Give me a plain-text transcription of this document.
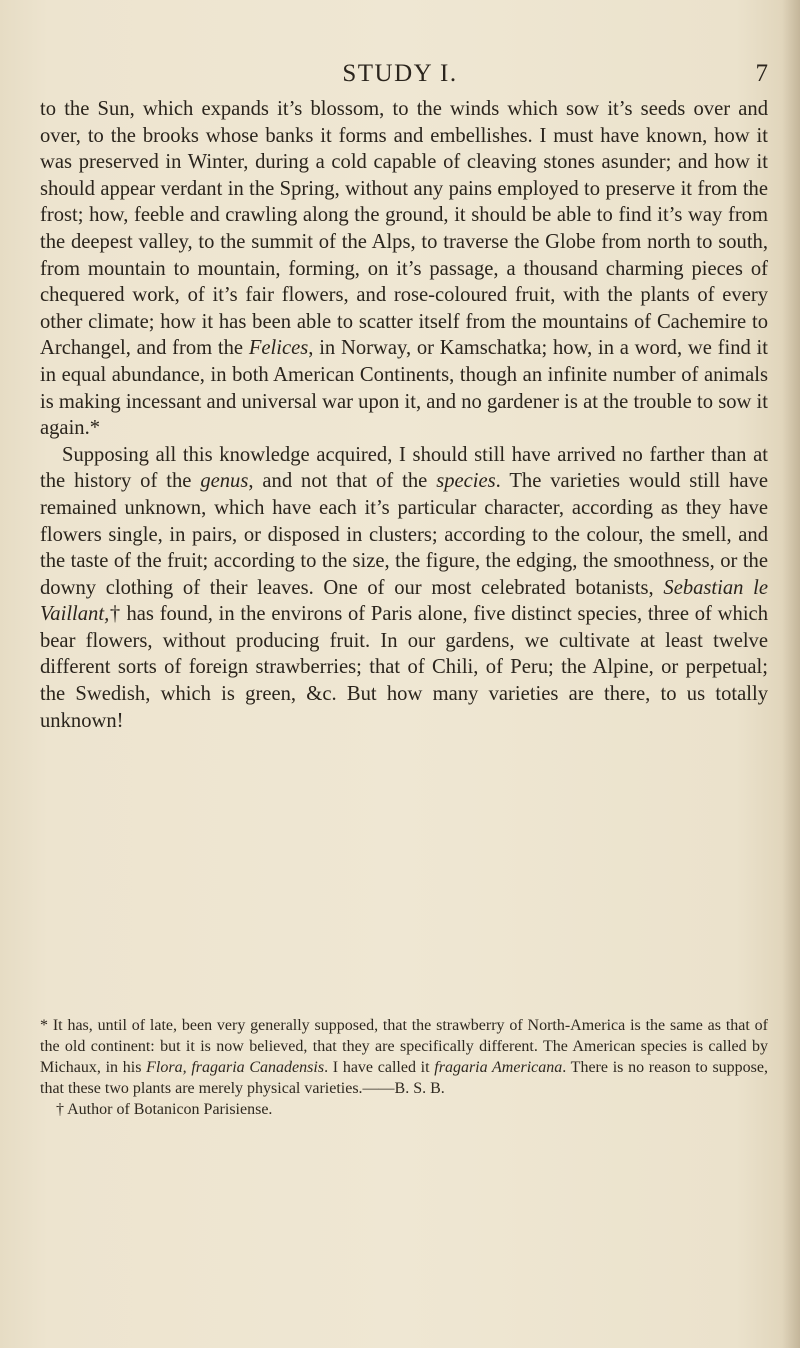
STUDY I.	7

to the Sun, which expands it’s blossom, to the winds which sow it’s seeds over and over, to the brooks whose banks it forms and embellishes. I must have known, how it was preserved in Winter, during a cold capable of cleaving stones asunder; and how it should appear verdant in the Spring, without any pains employed to preserve it from the frost; how, feeble and crawling along the ground, it should be able to find it’s way from the deepest valley, to the summit of the Alps, to traverse the Globe from north to south, from mountain to mountain, forming, on it’s passage, a thousand charming pieces of chequered work, of it’s fair flowers, and rose-coloured fruit, with the plants of every other climate; how it has been able to scatter itself from the mountains of Cachemire to Archangel, and from the Felices, in Norway, or Kamschatka; how, in a word, we find it in equal abundance, in both American Continents, though an infinite number of animals is making incessant and universal war upon it, and no gardener is at the trouble to sow it again.*

Supposing all this knowledge acquired, I should still have arrived no farther than at the history of the genus, and not that of the species. The varieties would still have remained unknown, which have each it’s particular character, according as they have flowers single, in pairs, or disposed in clusters; according to the colour, the smell, and the taste of the fruit; according to the size, the figure, the edging, the smoothness, or the downy clothing of their leaves. One of our most celebrated botanists, Sebastian le Vaillant,† has found, in the environs of Paris alone, five distinct species, three of which bear flowers, without producing fruit. In our gardens, we cultivate at least twelve different sorts of foreign strawberries; that of Chili, of Peru; the Alpine, or perpetual; the Swedish, which is green, &c. But how many varieties are there, to us totally unknown!

* It has, until of late, been very generally supposed, that the strawberry of North-America is the same as that of the old continent: but it is now believed, that they are specifically different. The American species is called by Michaux, in his Flora, fragaria Canadensis. I have called it fragaria Americana. There is no reason to suppose, that these two plants are merely physical varieties.——B. S. B.

† Author of Botanicon Parisiense.
